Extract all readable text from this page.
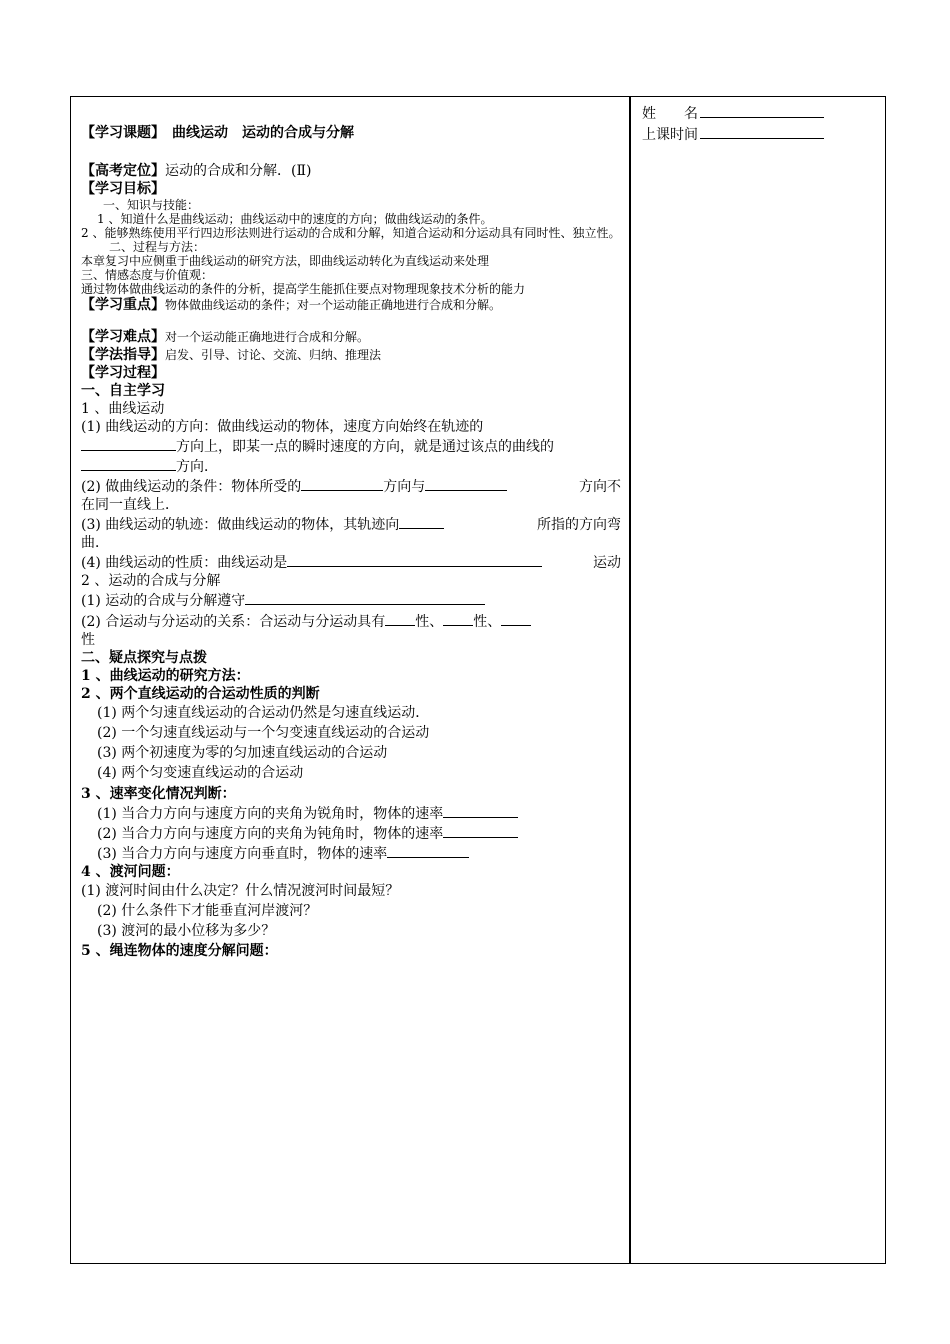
姓　　名
上课时间
【学习课题】　曲线运动　运动的合成与分解
【高考定位】运动的合成和分解．(Ⅱ)
【学习目标】
一、知识与技能：
1 、知道什么是曲线运动；曲线运动中的速度的方向；做曲线运动的条件。
2 、能够熟练使用平行四边形法则进行运动的合成和分解，知道合运动和分运动具有同时性、独立性。
二、过程与方法：
本章复习中应侧重于曲线运动的研究方法，即曲线运动转化为直线运动来处理
三、情感态度与价值观：
通过物体做曲线运动的条件的分析，提高学生能抓住要点对物理现象技术分析的能力
【学习重点】物体做曲线运动的条件；对一个运动能正确地进行合成和分解。
【学习难点】对一个运动能正确地进行合成和分解。
【学法指导】启发、引导、讨论、交流、归纳、推理法
【学习过程】
一、自主学习
1 、曲线运动
(1) 曲线运动的方向：做曲线运动的物体，速度方向始终在轨迹的
方向上，即某一点的瞬时速度的方向，就是通过该点的曲线的
方向．
(2) 做曲线运动的条件：物体所受的	方向与	方向不
在同一直线上．
(3) 曲线运动的轨迹：做曲线运动的物体，其轨迹向	所指的方向弯
曲．
(4) 曲线运动的性质：曲线运动是	运动
2 、运动的合成与分解
(1) 运动的合成与分解遵守
(2) 合运动与分运动的关系：合运动与分运动具有 性、 性、
性
二、疑点探究与点拨
1 、曲线运动的研究方法：
2 、两个直线运动的合运动性质的判断
(1) 两个匀速直线运动的合运动仍然是匀速直线运动．
(2) 一个匀速直线运动与一个匀变速直线运动的合运动
(3) 两个初速度为零的匀加速直线运动的合运动
(4) 两个匀变速直线运动的合运动
3 、速率变化情况判断：
(1) 当合力方向与速度方向的夹角为锐角时，物体的速率
(2) 当合力方向与速度方向的夹角为钝角时，物体的速率
(3) 当合力方向与速度方向垂直时，物体的速率
4 、渡河问题：
(1) 渡河时间由什么决定？什么情况渡河时间最短？
(2) 什么条件下才能垂直河岸渡河？
(3) 渡河的最小位移为多少？
5 、绳连物体的速度分解问题：
